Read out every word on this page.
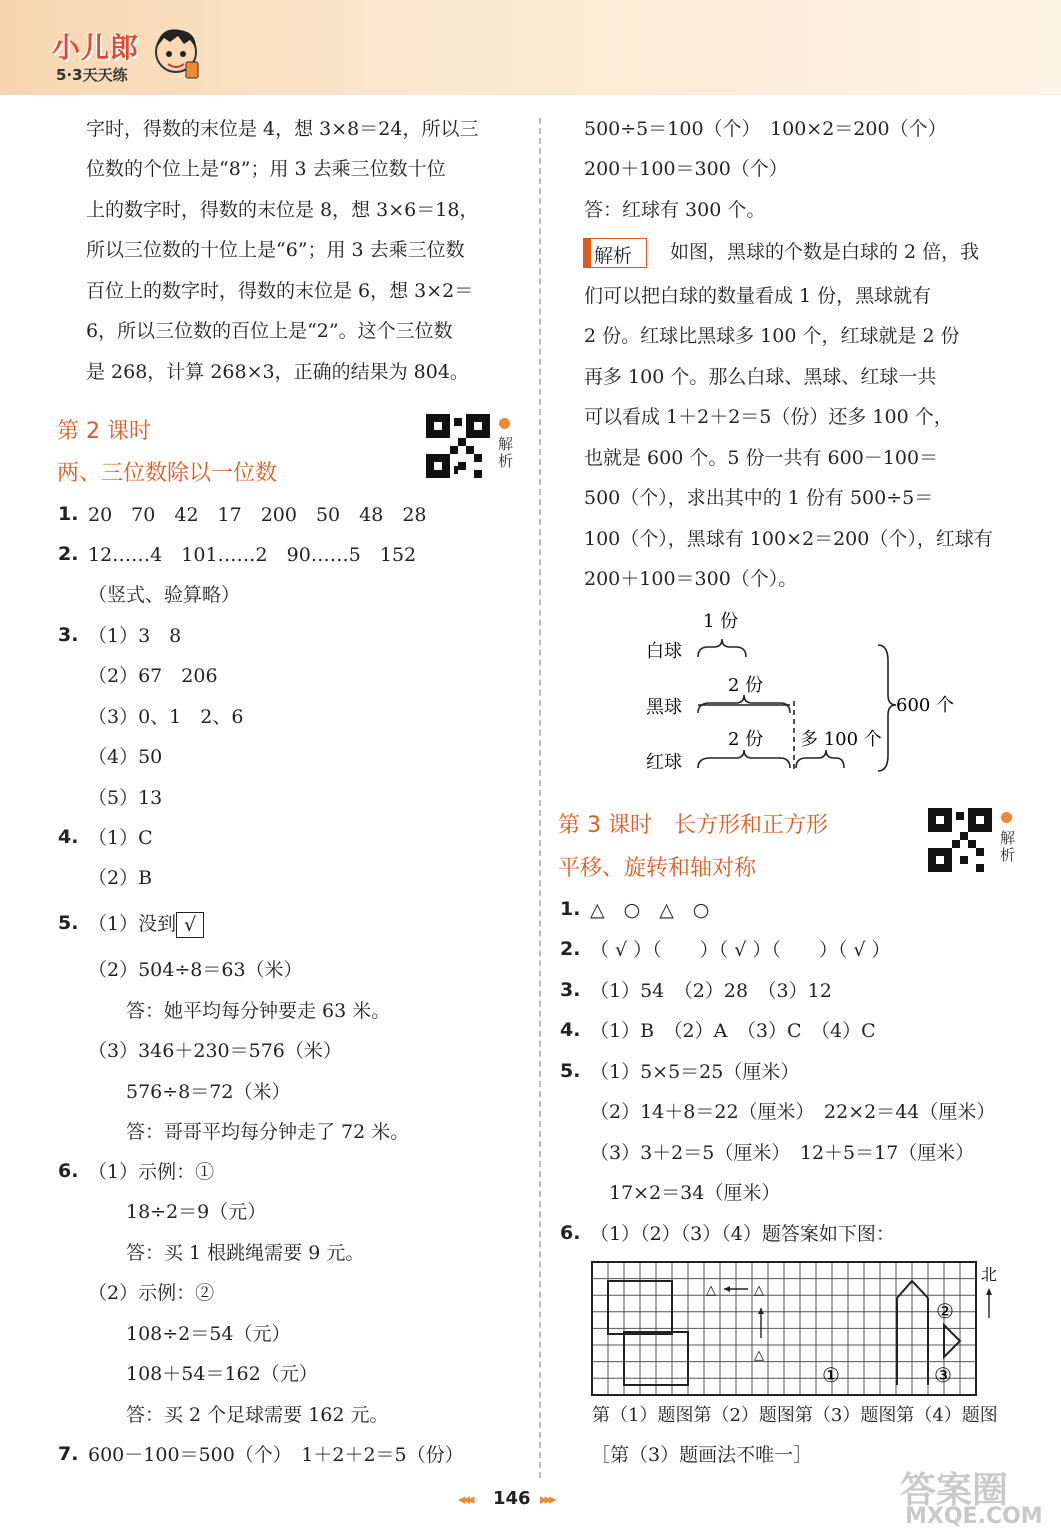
小儿郎
5·3天天练
字时，得数的末位是 4，想 3×8＝24，所以三
位数的个位上是“8”；用 3 去乘三位数十位
上的数字时，得数的末位是 8，想 3×6＝18，
所以三位数的十位上是“6”；用 3 去乘三位数
百位上的数字时，得数的末位是 6，想 3×2＝
6，所以三位数的百位上是“2”。这个三位数
是 268，计算 268×3，正确的结果为 804。
第 2 课时
两、三位数除以一位数
解析
1. 20　70　42　17　200　50　48　28
2. 12……4　101……2　90……5　152
（竖式、验算略）
3. （1）3　8
（2）67　206
（3）0、1　2、6
（4）50
（5）13
4. （1）C
（2）B
5. （1）没到 √
（2）504÷8＝63（米）
答：她平均每分钟要走 63 米。
（3）346＋230＝576（米）
576÷8＝72（米）
答：哥哥平均每分钟走了 72 米。
6. （1）示例：①
18÷2＝9（元）
答：买 1 根跳绳需要 9 元。
（2）示例：②
108÷2＝54（元）
108＋54＝162（元）
答：买 2 个足球需要 162 元。
7. 600－100＝500（个）　1＋2＋2＝5（份）
500÷5＝100（个）　100×2＝200（个）
200＋100＝300（个）
答：红球有 300 个。
解析 如图，黑球的个数是白球的 2 倍，我
们可以把白球的数量看成 1 份，黑球就有
2 份。红球比黑球多 100 个，红球就是 2 份
再多 100 个。那么白球、黑球、红球一共
可以看成 1＋2＋2＝5（份）还多 100 个，
也就是 600 个。5 份一共有 600－100＝
500（个），求出其中的 1 份有 500÷5＝
100（个），黑球有 100×2＝200（个），红球有
200＋100＝300（个）。
白球
黑球
红球
1 份
2 份
2 份 多 100 个
600 个
第 3 课时　长方形和正方形
平移、旋转和轴对称
解析
1. △　○　△　○
2. （ √ ）（　　）（ √ ）（　　）（ √ ）
3. （1）54　（2）28　（3）12
4. （1）B　（2）A　（3）C　（4）C
5. （1）5×5＝25（厘米）
（2）14＋8＝22（厘米）　22×2＝44（厘米）
（3）3＋2＝5（厘米）　12＋5＝17（厘米）
　17×2＝34（厘米）
6. （1）（2）（3）（4）题答案如下图：
△	△
△
①
②
③
北
第（1）题图第（2）题图第（3）题图第（4）题图
［第（3）题画法不唯一］
◂◂◂ 146 ▸▸▸	答案圈
MXQE.COM
